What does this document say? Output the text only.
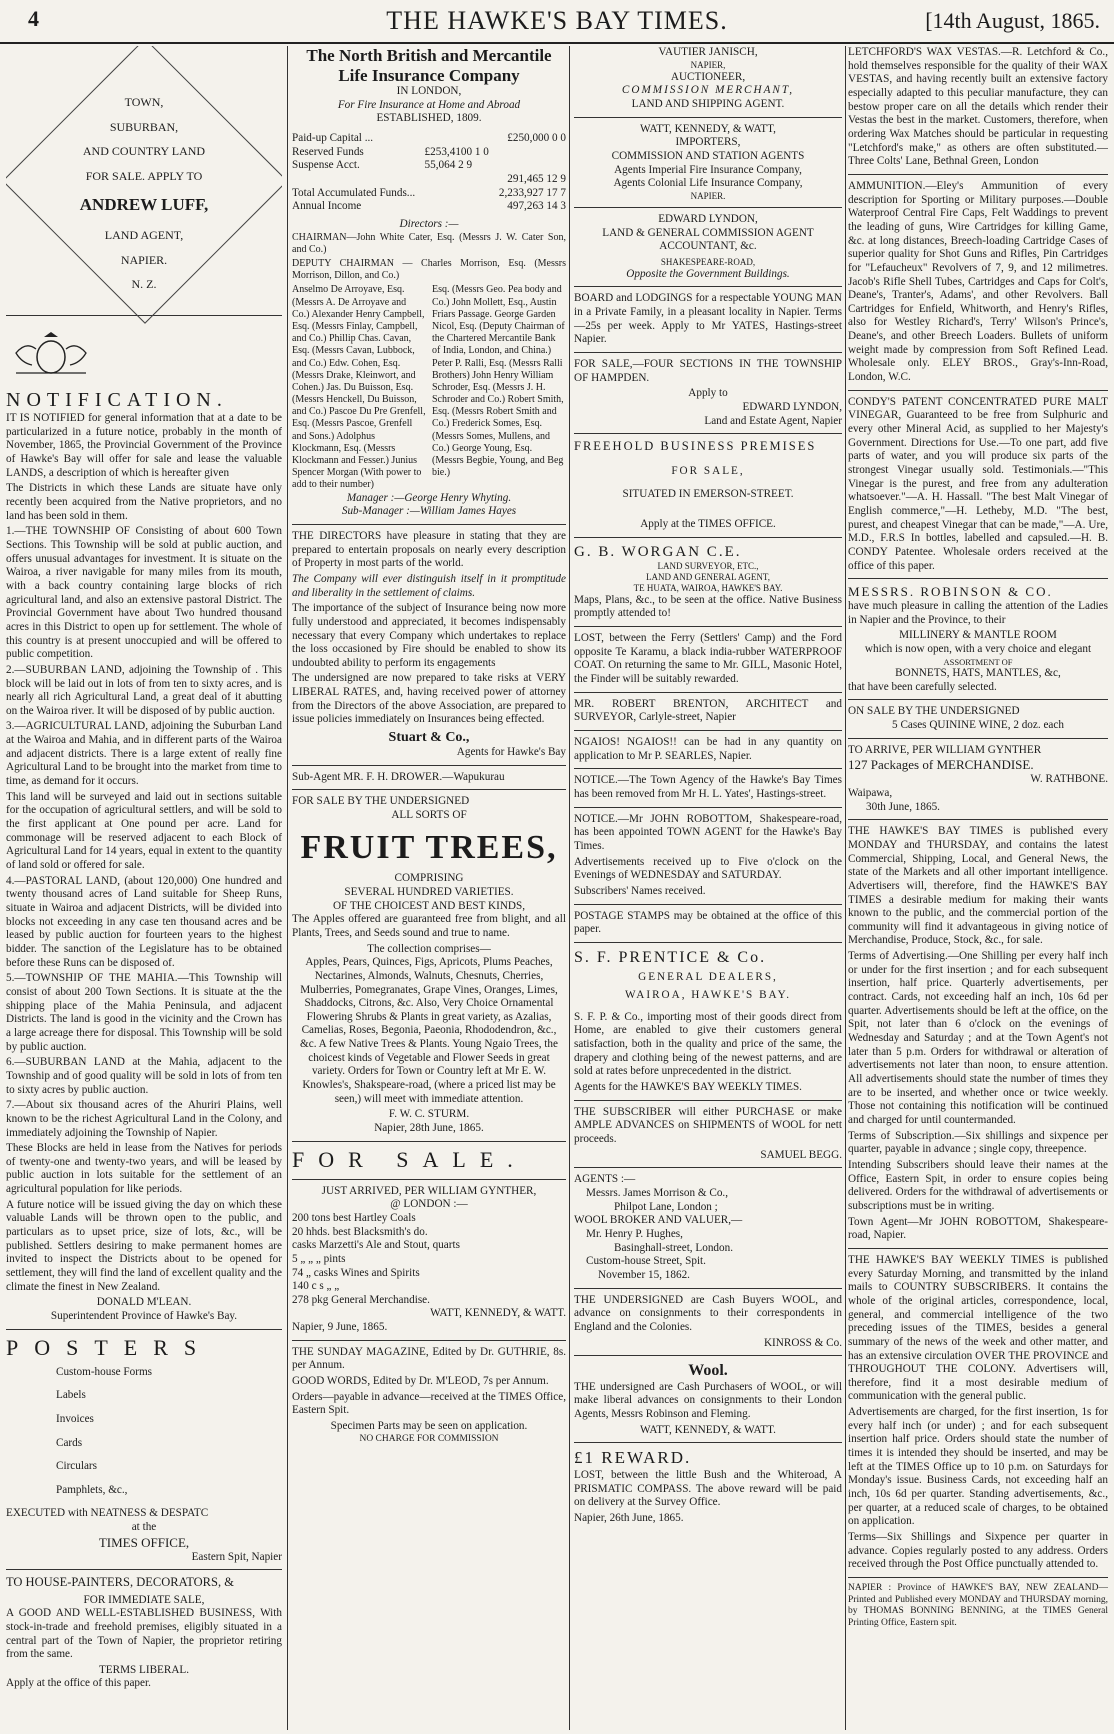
4	THE HAWKE'S BAY TIMES.	[14th August, 1865.
TOWN,
SUBURBAN,
AND COUNTRY LAND
FOR SALE. APPLY TO
ANDREW LUFF,
LAND AGENT,
NAPIER.
N. Z.
NOTIFICATION.

IT IS NOTIFIED for general information that at a date to be particularized in a future notice, probably in the month of November, 1865, the Provincial Government of the Province of Hawke's Bay will offer for sale and lease the valuable LANDS, a description of which is hereafter given

The Districts in which these Lands are situate have only recently been acquired from the Native proprietors, and no land has been sold in them.

1.—THE TOWNSHIP OF Consisting of about 600 Town Sections. This Township will be sold at public auction, and offers unusual advantages for investment. It is situate on the Wairoa, a river navigable for many miles from its mouth, with a back country containing large blocks of rich agricultural land, and also an extensive pastoral District. The Provincial Government have about Two hundred thousand acres in this District to open up for settlement. The whole of this country is at present unoccupied and will be offered to public competition.

2.—SUBURBAN LAND, adjoining the Township of . This block will be laid out in lots of from ten to sixty acres, and is nearly all rich Agricultural Land, a great deal of it abutting on the Wairoa river. It will be disposed of by public auction.

3.—AGRICULTURAL LAND, adjoining the Suburban Land at the Wairoa and Mahia, and in different parts of the Wairoa and adjacent districts. There is a large extent of really fine Agricultural Land to be brought into the market from time to time, as demand for it occurs.

This land will be surveyed and laid out in sections suitable for the occupation of agricultural settlers, and will be sold to the first applicant at One pound per acre. Land for commonage will be reserved adjacent to each Block of Agricultural Land for 14 years, equal in extent to the quantity of land sold or offered for sale.

4.—PASTORAL LAND, (about 120,000) One hundred and twenty thousand acres of Land suitable for Sheep Runs, situate in Wairoa and adjacent Districts, will be divided into blocks not exceeding in any case ten thousand acres and be leased by public auction for fourteen years to the highest bidder. The sanction of the Legislature has to be obtained before these Runs can be disposed of.

5.—TOWNSHIP OF THE MAHIA.—This Township will consist of about 200 Town Sections. It is situate at the the shipping place of the Mahia Peninsula, and adjacent Districts. The land is good in the vicinity and the Crown has a large acreage there for disposal. This Township will be sold by public auction.

6.—SUBURBAN LAND at the Mahia, adjacent to the Township and of good quality will be sold in lots of from ten to sixty acres by public auction.

7.—About six thousand acres of the Ahuriri Plains, well known to be the richest Agricultural Land in the Colony, and immediately adjoining the Township of Napier.

These Blocks are held in lease from the Natives for periods of twenty-one and twenty-two years, and will be leased by public auction in lots suitable for the settlement of an agricultural population for like periods.

A future notice will be issued giving the day on which these valuable Lands will be thrown open to the public, and particulars as to upset price, size of lots, &c., will be published. Settlers desiring to make permanent homes are invited to inspect the Districts about to be opened for settlement, they will find the land of excellent quality and the climate the finest in New Zealand.

DONALD M'LEAN.
Superintendent Province of Hawke's Bay.
POSTERS
Custom-house Forms
Labels
Invoices
Cards
Circulars
Pamphlets, &c.,
EXECUTED with NEATNESS & DESPATC
at the
TIMES OFFICE,
Eastern Spit, Napier
TO HOUSE-PAINTERS, DECORATORS, &
FOR IMMEDIATE SALE,

A GOOD AND WELL-ESTABLISHED BUSINESS, With stock-in-trade and freehold premises, eligibly situated in a central part of the Town of Napier, the proprietor retiring from the same.

TERMS LIBERAL.
Apply at the office of this paper.
The North British and Mercantile Life Insurance Company
IN LONDON,
For Fire Insurance at Home and Abroad
ESTABLISHED, 1809.
Paid-up Capital ...		£250,000 0 0
Reserved Funds	£253,4100 1 0	
Suspense Acct.	55,064 2 9	
		291,465 12 9
Total Accumulated Funds...		2,233,927 17 7
Annual Income		497,263 14 3
Directors :—

CHAIRMAN—John White Cater, Esq. (Messrs J. W. Cater Son, and Co.)

DEPUTY CHAIRMAN — Charles Morrison, Esq. (Messrs Morrison, Dillon, and Co.)

Anselmo De Arroyave, Esq. (Messrs A. De Arroyave and Co.) Alexander Henry Campbell, Esq. (Messrs Finlay, Campbell, and Co.) Phillip Chas. Cavan, Esq. (Messrs Cavan, Lubbock, and Co.) Edw. Cohen, Esq. (Messrs Drake, Kleinwort, and Cohen.) Jas. Du Buisson, Esq. (Messrs Henckell, Du Buisson, and Co.) Pascoe Du Pre Grenfell, Esq. (Messrs Pascoe, Grenfell and Sons.) Adolphus Klockmann, Esq. (Messrs Klockmann and Fesser.) Junius Spencer Morgan (With power to add to their number)
Esq. (Messrs Geo. Pea body and Co.) John Mollett, Esq., Austin Friars Passage. George Garden Nicol, Esq. (Deputy Chairman of the Chartered Mercantile Bank of India, London, and China.) Peter P. Ralli, Esq. (Messrs Ralli Brothers) John Henry William Schroder, Esq. (Messrs J. H. Schroder and Co.) Robert Smith, Esq. (Messrs Robert Smith and Co.) Frederick Somes, Esq. (Messrs Somes, Mullens, and Co.) George Young, Esq. (Messrs Begbie, Young, and Beg bie.)
Manager :—George Henry Whyting.
Sub-Manager :—William James Hayes

THE DIRECTORS have pleasure in stating that they are prepared to entertain proposals on nearly every description of Property in most parts of the world.

The Company will ever distinguish itself in it promptitude and liberality in the settlement of claims.

The importance of the subject of Insurance being now more fully understood and appreciated, it becomes indispensably necessary that every Company which undertakes to replace the loss occasioned by Fire should be enabled to show its undoubted ability to perform its engagements

The undersigned are now prepared to take risks at VERY LIBERAL RATES, and, having received power of attorney from the Directors of the above Association, are prepared to issue policies immediately on Insurances being effected.

Stuart & Co.,
Agents for Hawke's Bay
Sub-Agent MR. F. H. DROWER.—Wapukurau
FOR SALE BY THE UNDERSIGNED
ALL SORTS OF
FRUIT TREES,
COMPRISING
SEVERAL HUNDRED VARIETIES.
OF THE CHOICEST AND BEST KINDS,

The Apples offered are guaranteed free from blight, and all Plants, Trees, and Seeds sound and true to name.

The collection comprises—

Apples, Pears, Quinces, Figs, Apricots, Plums Peaches, Nectarines, Almonds, Walnuts, Chesnuts, Cherries, Mulberries, Pomegranates, Grape Vines, Oranges, Limes, Shaddocks, Citrons, &c. Also, Very Choice Ornamental Flowering Shrubs & Plants in great variety, as Azalias, Camelias, Roses, Begonia, Paeonia, Rhododendron, &c., &c. A few Native Trees & Plants. Young Ngaio Trees, the choicest kinds of Vegetable and Flower Seeds in great variety. Orders for Town or Country left at Mr E. W. Knowles's, Shakspeare-road, (where a priced list may be seen,) will meet with immediate attention.

F. W. C. STURM.
Napier, 28th June, 1865.
FOR SALE.
JUST ARRIVED, PER WILLIAM GYNTHER,
@ LONDON :—
200 tons best Hartley Coals
20 hhds. best Blacksmith's do.
casks Marzetti's Ale and Stout, quarts
5 „ „ „ pints
74 „ casks Wines and Spirits
140 c s „ „
278 pkg General Merchandise.
WATT, KENNEDY, & WATT.
Napier, 9 June, 1865.

THE SUNDAY MAGAZINE, Edited by Dr. GUTHRIE, 8s. per Annum.

GOOD WORDS, Edited by Dr. M'LEOD, 7s per Annum.

Orders—payable in advance—received at the TIMES Office, Eastern Spit.

Specimen Parts may be seen on application.
NO CHARGE FOR COMMISSION
VAUTIER JANISCH,
NAPIER,
AUCTIONEER,
COMMISSION MERCHANT,
LAND AND SHIPPING AGENT.
WATT, KENNEDY, & WATT,
IMPORTERS,
COMMISSION AND STATION AGENTS
Agents Imperial Fire Insurance Company,
Agents Colonial Life Insurance Company,
NAPIER.
EDWARD LYNDON,
LAND & GENERAL COMMISSION AGENT
ACCOUNTANT, &c.
SHAKESPEARE-ROAD,
Opposite the Government Buildings.

BOARD and LODGINGS for a respectable YOUNG MAN in a Private Family, in a pleasant locality in Napier. Terms—25s per week. Apply to Mr YATES, Hastings-street Napier.

FOR SALE,—FOUR SECTIONS IN THE TOWNSHIP OF HAMPDEN.

Apply to
EDWARD LYNDON,
Land and Estate Agent, Napier
FREEHOLD BUSINESS PREMISES
FOR SALE,
SITUATED IN EMERSON-STREET.
Apply at the TIMES OFFICE.
G. B. WORGAN C.E.
LAND SURVEYOR, ETC.,
LAND AND GENERAL AGENT,
TE HUATA, WAIROA, HAWKE'S BAY.

Maps, Plans, &c., to be seen at the office. Native Business promptly attended to!

LOST, between the Ferry (Settlers' Camp) and the Ford opposite Te Karamu, a black india-rubber WATERPROOF COAT. On returning the same to Mr. GILL, Masonic Hotel, the Finder will be suitably rewarded.

MR. ROBERT BRENTON, ARCHITECT and SURVEYOR, Carlyle-street, Napier

NGAIOS! NGAIOS!! can be had in any quantity on application to Mr P. SEARLES, Napier.

NOTICE.—The Town Agency of the Hawke's Bay Times has been removed from Mr H. L. Yates', Hastings-street.

NOTICE.—Mr JOHN ROBOTTOM, Shakespeare-road, has been appointed TOWN AGENT for the Hawke's Bay Times.

Advertisements received up to Five o'clock on the Evenings of WEDNESDAY and SATURDAY.

Subscribers' Names received.

POSTAGE STAMPS may be obtained at the office of this paper.

S. F. PRENTICE & Co.
GENERAL DEALERS,
WAIROA, HAWKE'S BAY.

S. F. P. & Co., importing most of their goods direct from Home, are enabled to give their customers general satisfaction, both in the quality and price of the same, the drapery and clothing being of the newest patterns, and are sold at rates before unprecedented in the district.

Agents for the HAWKE'S BAY WEEKLY TIMES.

THE SUBSCRIBER will either PURCHASE or make AMPLE ADVANCES on SHIPMENTS of WOOL for nett proceeds.

SAMUEL BEGG.
AGENTS :—
Messrs. James Morrison & Co.,
Philpot Lane, London ;
WOOL BROKER AND VALUER,—
Mr. Henry P. Hughes,
Basinghall-street, London.
Custom-house Street, Spit.
November 15, 1862.

THE UNDERSIGNED are Cash Buyers WOOL, and advance on consignments to their correspondents in England and the Colonies.

KINROSS & Co.
Wool.

THE undersigned are Cash Purchasers of WOOL, or will make liberal advances on consignments to their London Agents, Messrs Robinson and Fleming.

WATT, KENNEDY, & WATT.
£1 REWARD.

LOST, between the little Bush and the Whiteroad, A PRISMATIC COMPASS. The above reward will be paid on delivery at the Survey Office.

Napier, 26th June, 1865.

LETCHFORD'S WAX VESTAS.—R. Letchford & Co., hold themselves responsible for the quality of their WAX VESTAS, and having recently built an extensive factory especially adapted to this peculiar manufacture, they can bestow proper care on all the details which render their Vestas the best in the market. Customers, therefore, when ordering Wax Matches should be particular in requesting "Letchford's make," as others are often substituted.—Three Colts' Lane, Bethnal Green, London

AMMUNITION.—Eley's Ammunition of every description for Sporting or Military purposes.—Double Waterproof Central Fire Caps, Felt Waddings to prevent the leading of guns, Wire Cartridges for killing Game, &c. at long distances, Breech-loading Cartridge Cases of superior quality for Shot Guns and Rifles, Pin Cartridges for "Lefaucheux" Revolvers of 7, 9, and 12 milimetres. Jacob's Rifle Shell Tubes, Cartridges and Caps for Colt's, Deane's, Tranter's, Adams', and other Revolvers. Ball Cartridges for Enfield, Whitworth, and Henry's Rifles, also for Westley Richard's, Terry' Wilson's Prince's, Deane's, and other Breech Loaders. Bullets of uniform weight made by compression from Soft Refined Lead. Wholesale only. ELEY BROS., Gray's-Inn-Road, London, W.C.

CONDY'S PATENT CONCENTRATED PURE MALT VINEGAR, Guaranteed to be free from Sulphuric and every other Mineral Acid, as supplied to her Majesty's Government. Directions for Use.—To one part, add five parts of water, and you will produce six parts of the strongest Vinegar usually sold. Testimonials.—"This Vinegar is the purest, and free from any adulteration whatsoever."—A. H. Hassall. "The best Malt Vinegar of English commerce,"—H. Letheby, M.D. "The best, purest, and cheapest Vinegar that can be made,"—A. Ure, M.D., F.R.S In bottles, labelled and capsuled.—H. B. CONDY Patentee. Wholesale orders received at the office of this paper.

MESSRS. ROBINSON & CO.

have much pleasure in calling the attention of the Ladies in Napier and the Province, to their

MILLINERY & MANTLE ROOM
which is now open, with a very choice and elegant
ASSORTMENT OF
BONNETS, HATS, MANTLES, &c,
that have been carefully selected.
ON SALE BY THE UNDERSIGNED
5 Cases QUININE WINE, 2 doz. each
TO ARRIVE, PER WILLIAM GYNTHER
127 Packages of MERCHANDISE.
W. RATHBONE.
Waipawa,
30th June, 1865.

THE HAWKE'S BAY TIMES is published every MONDAY and THURSDAY, and contains the latest Commercial, Shipping, Local, and General News, the state of the Markets and all other important intelligence. Advertisers will, therefore, find the HAWKE'S BAY TIMES a desirable medium for making their wants known to the public, and the commercial portion of the community will find it advantageous in giving notice of Merchandise, Produce, Stock, &c., for sale.

Terms of Advertising.—One Shilling per every half inch or under for the first insertion ; and for each subsequent insertion, half price. Quarterly advertisements, per contract. Cards, not exceeding half an inch, 10s 6d per quarter. Advertisements should be left at the office, on the Spit, not later than 6 o'clock on the evenings of Wednesday and Saturday ; and at the Town Agent's not later than 5 p.m. Orders for withdrawal or alteration of advertisements not later than noon, to ensure attention. All advertisements should state the number of times they are to be inserted, and whether once or twice weekly. Those not containing this notification will be continued and charged for until countermanded.

Terms of Subscription.—Six shillings and sixpence per quarter, payable in advance ; single copy, threepence.

Intending Subscribers should leave their names at the Office, Eastern Spit, in order to ensure copies being delivered. Orders for the withdrawal of advertisements or subscriptions must be in writing.

Town Agent—Mr JOHN ROBOTTOM, Shakespeare-road, Napier.

THE HAWKE'S BAY WEEKLY TIMES is published every Saturday Morning, and transmitted by the inland mails to COUNTRY SUBSCRIBERS. It contains the whole of the original articles, correspondence, local, general, and commercial intelligence of the two preceding issues of the TIMES, besides a general summary of the news of the week and other matter, and has an extensive circulation OVER THE PROVINCE and THROUGHOUT THE COLONY. Advertisers will, therefore, find it a most desirable medium of communication with the general public.

Advertisements are charged, for the first insertion, 1s for every half inch (or under) ; and for each subsequent insertion half price. Orders should state the number of times it is intended they should be inserted, and may be left at the TIMES Office up to 10 p.m. on Saturdays for Monday's issue. Business Cards, not exceeding half an inch, 10s 6d per quarter. Standing advertisements, &c., per quarter, at a reduced scale of charges, to be obtained on application.

Terms—Six Shillings and Sixpence per quarter in advance. Copies regularly posted to any address. Orders received through the Post Office punctually attended to.

NAPIER : Province of HAWKE'S BAY, NEW ZEALAND—Printed and Published every MONDAY and THURSDAY morning, by THOMAS BONNING BENNING, at the TIMES General Printing Office, Eastern spit.
